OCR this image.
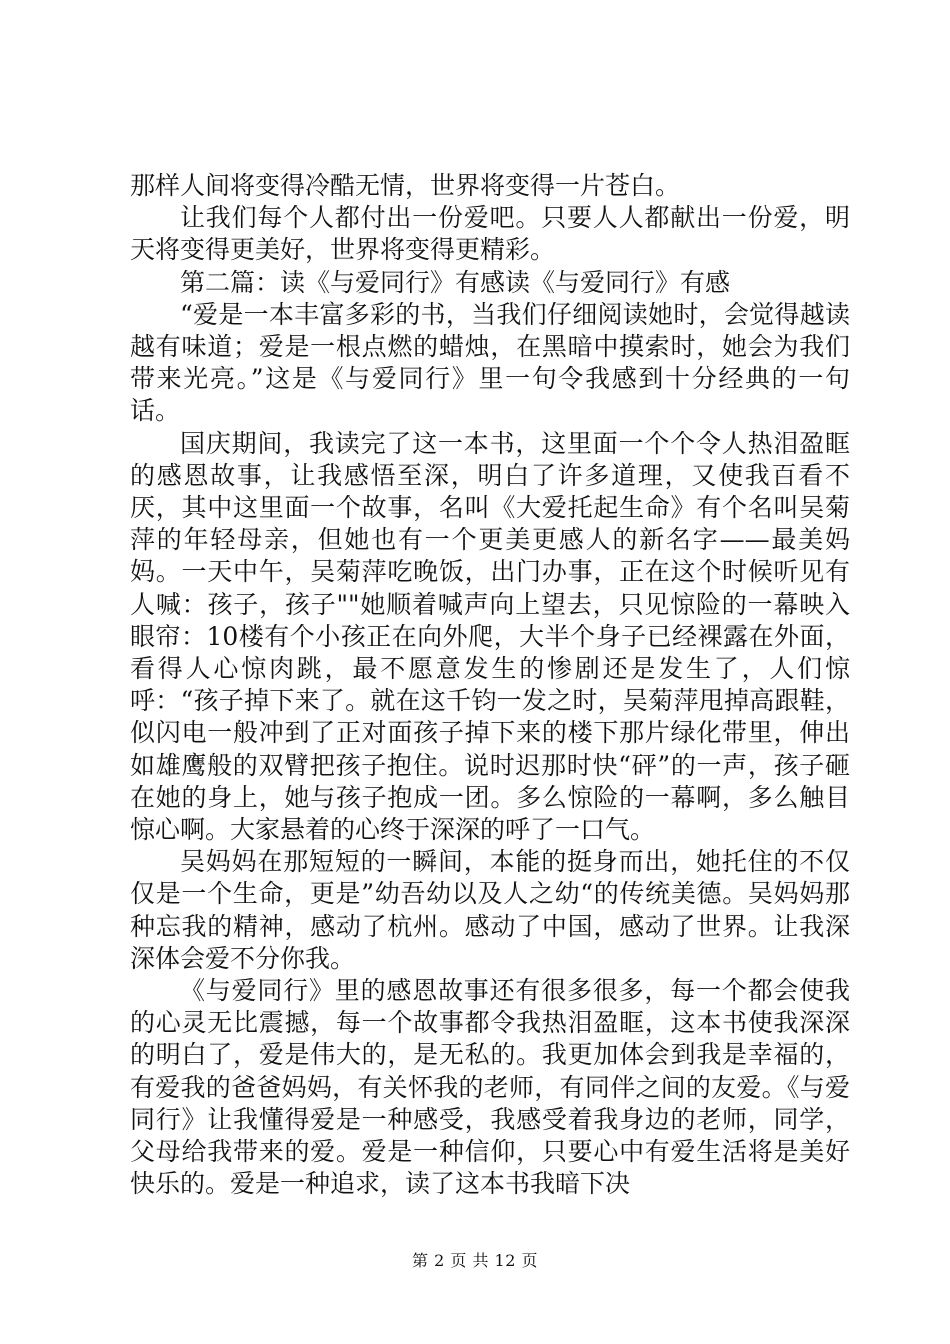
那样人间将变得冷酷无情，世界将变得一片苍白。

让我们每个人都付出一份爱吧。只要人人都献出一份爱，明天将变得更美好，世界将变得更精彩。

第二篇：读《与爱同行》有感读《与爱同行》有感

“爱是一本丰富多彩的书，当我们仔细阅读她时，会觉得越读越有味道；爱是一根点燃的蜡烛，在黑暗中摸索时，她会为我们带来光亮。”这是《与爱同行》里一句令我感到十分经典的一句话。

国庆期间，我读完了这一本书，这里面一个个令人热泪盈眶的感恩故事，让我感悟至深，明白了许多道理，又使我百看不厌，其中这里面一个故事，名叫《大爱托起生命》有个名叫吴菊萍的年轻母亲，但她也有一个更美更感人的新名字——最美妈妈。一天中午，吴菊萍吃晚饭，出门办事，正在这个时候听见有人喊：孩子，孩子""她顺着喊声向上望去，只见惊险的一幕映入眼帘：10楼有个小孩正在向外爬，大半个身子已经裸露在外面，看得人心惊肉跳，最不愿意发生的惨剧还是发生了，人们惊呼：“孩子掉下来了。就在这千钧一发之时，吴菊萍甩掉高跟鞋，似闪电一般冲到了正对面孩子掉下来的楼下那片绿化带里，伸出如雄鹰般的双臂把孩子抱住。说时迟那时快“砰”的一声，孩子砸在她的身上，她与孩子抱成一团。多么惊险的一幕啊，多么触目惊心啊。大家悬着的心终于深深的呼了一口气。

吴妈妈在那短短的一瞬间，本能的挺身而出，她托住的不仅仅是一个生命，更是”幼吾幼以及人之幼“的传统美德。吴妈妈那种忘我的精神，感动了杭州。感动了中国，感动了世界。让我深深体会爱不分你我。

《与爱同行》里的感恩故事还有很多很多，每一个都会使我的心灵无比震撼，每一个故事都令我热泪盈眶，这本书使我深深的明白了，爱是伟大的，是无私的。我更加体会到我是幸福的，有爱我的爸爸妈妈，有关怀我的老师，有同伴之间的友爱。《与爱同行》让我懂得爱是一种感受，我感受着我身边的老师，同学，父母给我带来的爱。爱是一种信仰，只要心中有爱生活将是美好快乐的。爱是一种追求，读了这本书我暗下决

第 2 页 共 12 页
